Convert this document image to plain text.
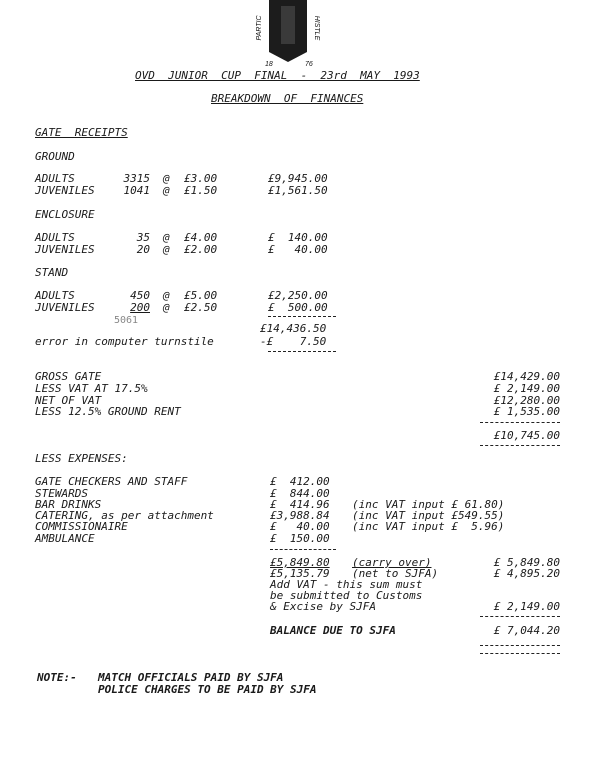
PARTIC	HISTLE
18	76
OVD  JUNIOR  CUP  FINAL  -  23rd  MAY  1993
BREAKDOWN  OF  FINANCES
GATE  RECEIPTS
GROUND
ADULTS	3315 @ £3.00	£9,945.00
JUVENILES	1041 @ £1.50	£1,561.50
ENCLOSURE
ADULTS	35 @ £4.00	£  140.00
JUVENILES	20 @ £2.00	£   40.00
STAND
ADULTS	450 @ £5.00	£2,250.00
JUVENILES	200 @ £2.50	£  500.00
5061
£14,436.50
error in computer turnstile	-£    7.50
GROSS GATE	£14,429.00
LESS VAT AT 17.5%	£ 2,149.00
NET OF VAT	£12,280.00
LESS 12.5% GROUND RENT	£ 1,535.00
£10,745.00
LESS EXPENSES:
GATE CHECKERS AND STAFF	£  412.00
STEWARDS	£  844.00
BAR DRINKS	£  414.96 (inc VAT input £ 61.80)
CATERING, as per attachment	£3,988.84 (inc VAT input £549.55)
COMMISSIONAIRE	£   40.00 (inc VAT input £  5.96)
AMBULANCE	£  150.00
£5,849.80 (carry over)	£ 5,849.80
£5,135.79 (net to SJFA)	£ 4,895.20
Add VAT - this sum must
be submitted to Customs
& Excise by SJFA	£ 2,149.00
BALANCE DUE TO SJFA	£ 7,044.20
NOTE:- MATCH OFFICIALS PAID BY SJFA
POLICE CHARGES TO BE PAID BY SJFA
